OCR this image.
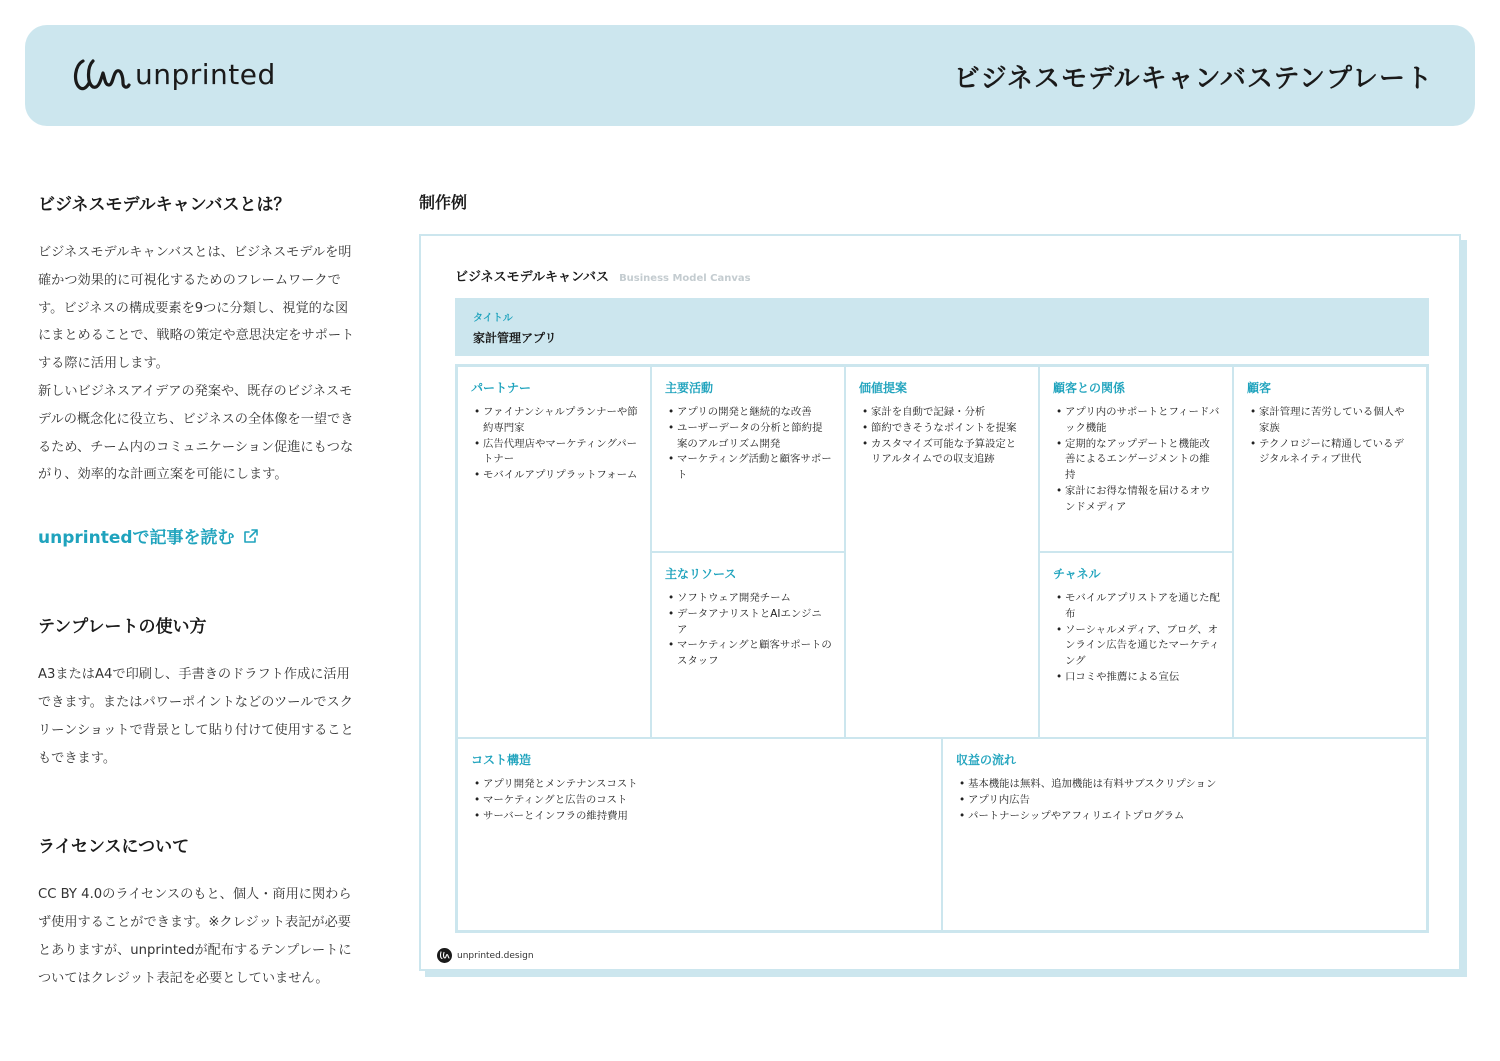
unprinted	ビジネスモデルキャンバステンプレート
ビジネスモデルキャンバスとは？
ビジネスモデルキャンバスとは、ビジネスモデルを明
確かつ効果的に可視化するためのフレームワークで
す。ビジネスの構成要素を9つに分類し、視覚的な図
にまとめることで、戦略の策定や意思決定をサポート
する際に活用します。
新しいビジネスアイデアの発案や、既存のビジネスモ
デルの概念化に役立ち、ビジネスの全体像を一望でき
るため、チーム内のコミュニケーション促進にもつな
がり、効率的な計画立案を可能にします。
unprintedで記事を読む
テンプレートの使い方
A3またはA4で印刷し、手書きのドラフト作成に活用
できます。またはパワーポイントなどのツールでスク
リーンショットで背景として貼り付けて使用すること
もできます。
ライセンスについて
CC BY 4.0のライセンスのもと、個人・商用に関わら
ず使用することができます。※クレジット表記が必要
とありますが、unprintedが配布するテンプレートに
ついてはクレジット表記を必要としていません。
制作例
ビジネスモデルキャンバス Business Model Canvas
タイトル
家計管理アプリ
パートナー
• ファイナンシャルプランナーや節約専門家
• 広告代理店やマーケティングパートナー
• モバイルアプリプラットフォーム
主要活動
• アプリの開発と継続的な改善
• ユーザーデータの分析と節約提案のアルゴリズム開発
• マーケティング活動と顧客サポート
主なリソース
• ソフトウェア開発チーム
• データアナリストとAIエンジニア
• マーケティングと顧客サポートのスタッフ
価値提案
• 家計を自動で記録・分析
• 節約できそうなポイントを提案
• カスタマイズ可能な予算設定とリアルタイムでの収支追跡
顧客との関係
• アプリ内のサポートとフィードバック機能
• 定期的なアップデートと機能改善によるエンゲージメントの維持
• 家計にお得な情報を届けるオウンドメディア
チャネル
• モバイルアプリストアを通じた配布
• ソーシャルメディア、ブログ、オンライン広告を通じたマーケティング
• 口コミや推薦による宣伝
顧客
• 家計管理に苦労している個人や家族
• テクノロジーに精通しているデジタルネイティブ世代
コスト構造
• アプリ開発とメンテナンスコスト
• マーケティングと広告のコスト
• サーバーとインフラの維持費用
収益の流れ
• 基本機能は無料、追加機能は有料サブスクリプション
• アプリ内広告
• パートナーシップやアフィリエイトプログラム
unprinted.design
